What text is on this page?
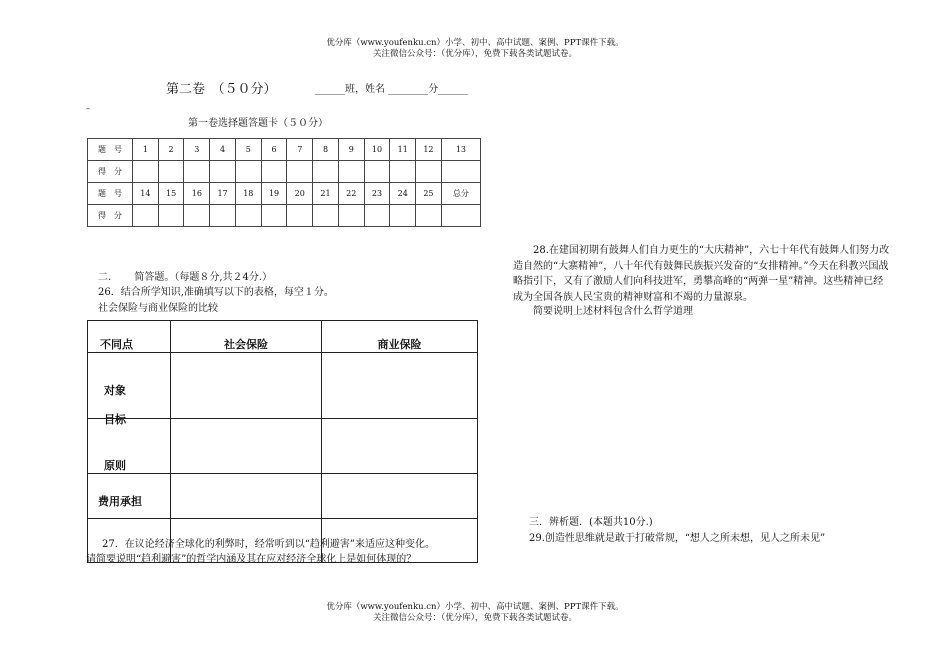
优分库（www.youfenku.cn）小学、初中、高中试题、案例、PPT课件下载。
关注微信公众号：（优分库），免费下载各类试题试卷。
第二卷　（５０分）	______班，姓名 ________分______
–
第一卷选择题答题卡（５０分）
题　号	1	2	3	4	5	6	7	8	9	10	11	12	13
得　分													
题　号	14	15	16	17	18	19	20	21	22	23	24	25	总分
得　分													
二.　　 简答题。（每题８分,共２4分.）
26．结合所学知识,准确填写以下的表格，每空１分。
社会保险与商业保险的比较
不同点	社会保险	商业保险
对象		

目标
原则		

费用承担		

27．在议论经济全球化的利弊时，经常听到以“趋利避害”来适应这种变化。
请简要说明“趋利避害”的哲学内涵及其在应对经济全球化上是如何体现的？
28.在建国初期有鼓舞人们自力更生的“大庆精神”，六七十年代有鼓舞人们努力改造自然的“大寨精神”，八十年代有鼓舞民族振兴发奋的“女排精神。”今天在科教兴国战略指引下，又有了激励人们向科技进军，勇攀高峰的“两弹一星”精神。这些精神已经成为全国各族人民宝贵的精神财富和不竭的力量源泉。
简要说明上述材料包含什么哲学道理
三．辨析题．(本题共10分.)
29.创造性思维就是敢于打破常规，“想人之所未想，见人之所未见”
优分库（www.youfenku.cn）小学、初中、高中试题、案例、PPT课件下载。
关注微信公众号：（优分库），免费下载各类试题试卷。
